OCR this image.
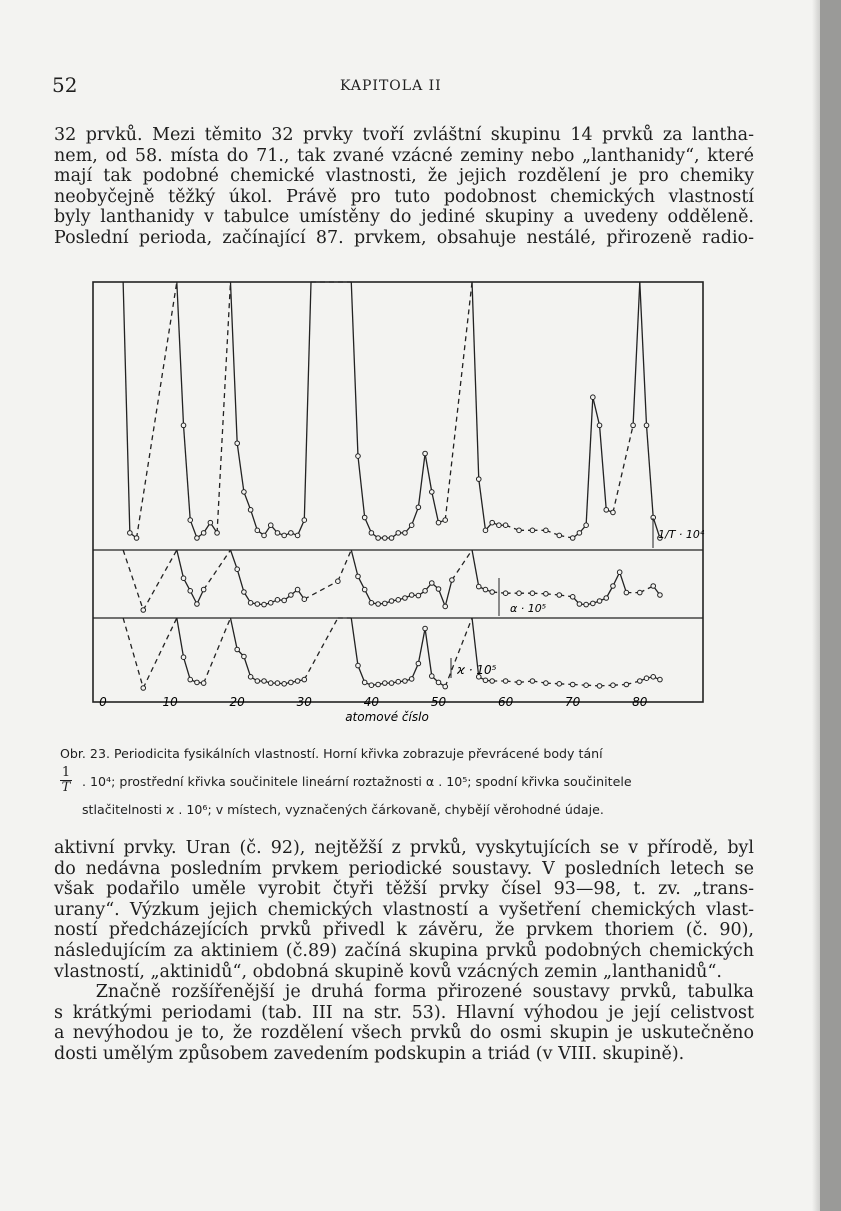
52	KAPITOLA II

32 prvků. Mezi těmito 32 prvky tvoří zvláštní skupinu 14 prvků za lantha-
nem, od 58. místa do 71., tak zvané vzácné zeminy nebo „lanthanidy“, které
mají tak podobné chemické vlastnosti, že jejich rozdělení je pro chemiky
neobyčejně těžký úkol. Právě pro tuto podobnost chemických vlastností
byly lanthanidy v tabulce umístěny do jediné skupiny a uvedeny odděleně.
Poslední perioda, začínající 87. prvkem, obsahuje nestálé, přirozeně radio-

0	10	20	30	40	50	60	70	80
atomové číslo
1/T · 10⁴
α · 10⁵
ϰ · 10⁵
Obr. 23. Periodicita fysikálních vlastností. Horní křivka zobrazuje převrácené body tání
. 10⁴; prostřední křivka součinitele lineární roztažnosti α . 10⁵; spodní křivka součinitele
stlačitelnosti ϰ . 10⁶; v místech, vyznačených čárkovaně, chybějí věrohodné údaje.
$\frac{1}{T}$

aktivní prvky. Uran (č. 92), nejtěžší z prvků, vyskytujících se v přírodě, byl
do nedávna posledním prvkem periodické soustavy. V posledních letech se
však podařilo uměle vyrobit čtyři těžší prvky čísel 93—98, t. zv. „trans-
urany“. Výzkum jejich chemických vlastností a vyšetření chemických vlast-
ností předcházejících prvků přivedl k závěru, že prvkem thoriem (č. 90),
následujícím za aktiniem (č.89) začíná skupina prvků podobných chemických
vlastností, „aktinidů“, obdobná skupině kovů vzácných zemin „lanthanidů“.
Značně rozšířenější je druhá forma přirozené soustavy prvků, tabulka
s krátkými periodami (tab. III na str. 53). Hlavní výhodou je její celistvost
a nevýhodou je to, že rozdělení všech prvků do osmi skupin je uskutečněno
dosti umělým způsobem zavedením podskupin a triád (v VIII. skupině).
